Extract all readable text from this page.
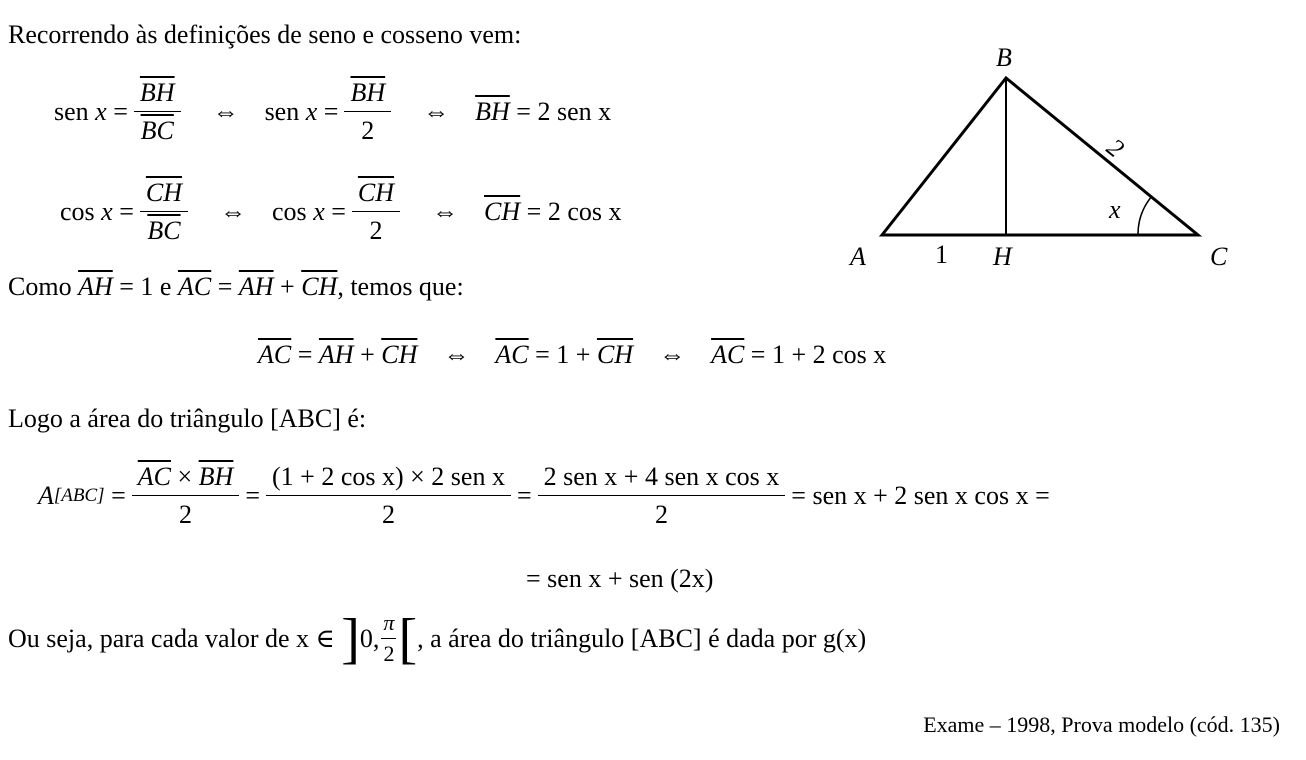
Recorrendo às definições de seno e cosseno vem:
sen
$x = \frac{\overline{BH}}{BC}$ ⇔ sen
$x = \frac{\overline{BH}}{2}$ ⇔ $\overline{BH}$
= 2 sen x
cos
$x = \frac{\overline{CH}}{BC}$ ⇔ cos
$x = \frac{\overline{CH}}{2}$ ⇔ $\overline{CH}$
= 2 cos x
Como $\overline{AH} = 1$ e $\overline{AC} = \overline{AH} + \overline{CH}$, temos que:
$\overline{AC} = \overline{AH} + \overline{CH}$ ⇔ $\overline{AC}$
= 1 +
$\overline{CH}$ ⇔ $\overline{AC}$
= 1 + 2 cos x
Logo a área do triângulo [ABC] é:
A $[ABC] = \frac{\overline{AC} \times \overline{BH}}{2} = \frac{\text{(1 + 2 cos x) × 2 sen x}}{2} = \frac{\text{2 sen x + 4 sen x cos x}}{2}$ = sen x + 2 sen x cos x =
= sen x + sen (2x)
Ou seja, para cada valor de x ∈
] 0, $\frac{\pi}{2}$ [ , a área do triângulo [ABC] é dada por g(x)
Exame – 1998, Prova modelo (cód. 135)
B
A	C
H
1
2
x
